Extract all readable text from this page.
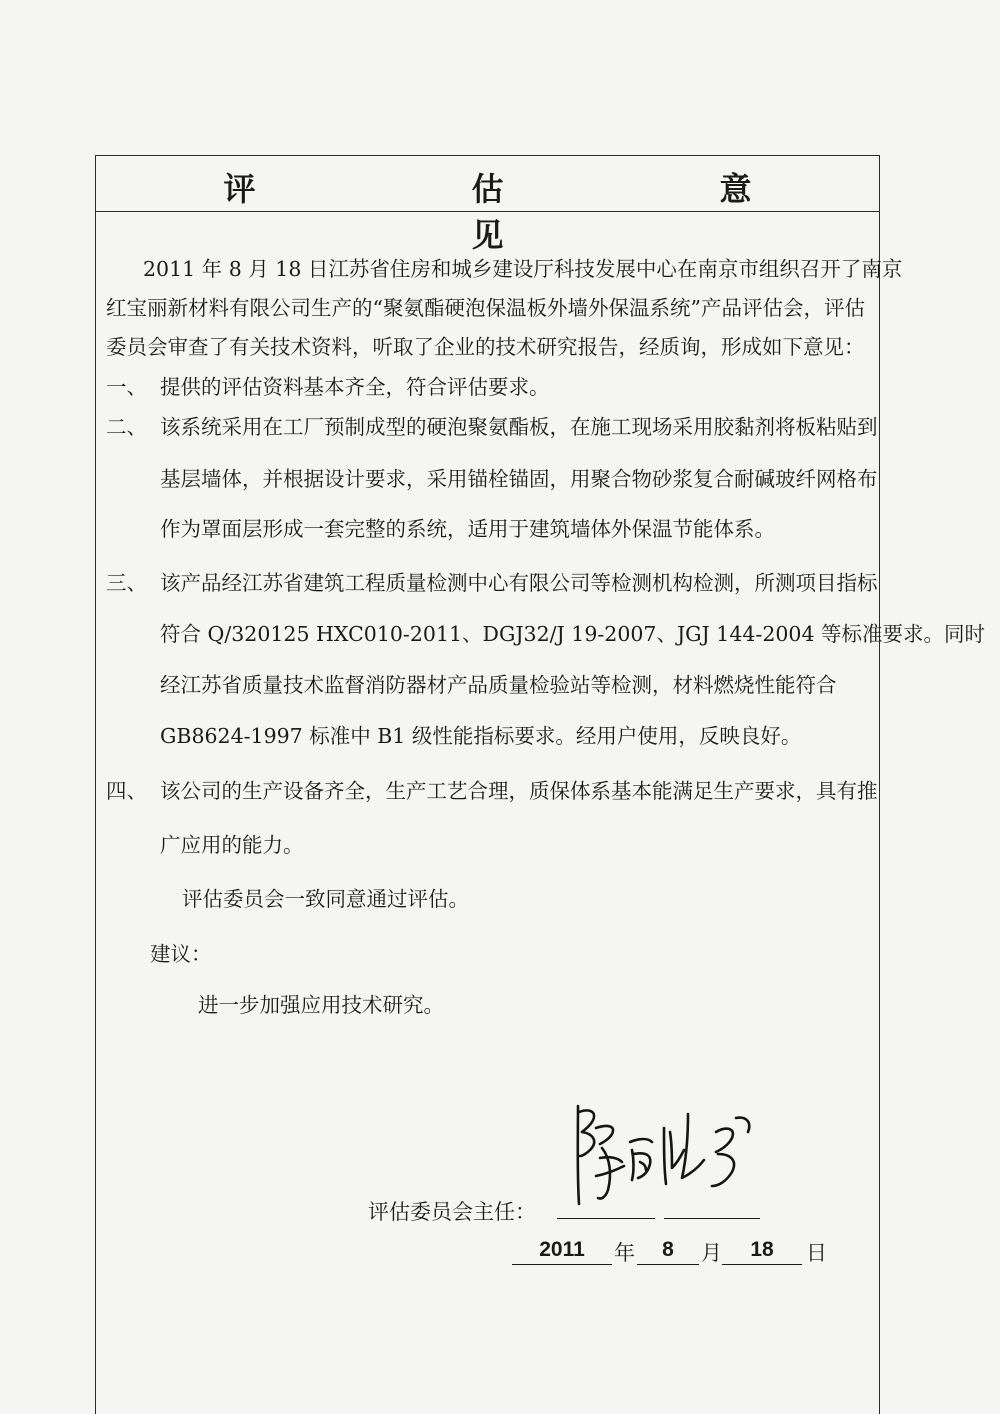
评　估　意　见
2011 年 8 月 18 日江苏省住房和城乡建设厅科技发展中心在南京市组织召开了南京
红宝丽新材料有限公司生产的“聚氨酯硬泡保温板外墙外保温系统”产品评估会，评估
委员会审查了有关技术资料，听取了企业的技术研究报告，经质询，形成如下意见：
一、 提供的评估资料基本齐全，符合评估要求。
二、 该系统采用在工厂预制成型的硬泡聚氨酯板，在施工现场采用胶黏剂将板粘贴到
基层墙体，并根据设计要求，采用锚栓锚固，用聚合物砂浆复合耐碱玻纤网格布
作为罩面层形成一套完整的系统，适用于建筑墙体外保温节能体系。
三、 该产品经江苏省建筑工程质量检测中心有限公司等检测机构检测，所测项目指标
符合 Q/320125 HXC010-2011、DGJ32/J 19-2007、JGJ 144-2004 等标准要求。同时
经江苏省质量技术监督消防器材产品质量检验站等检测，材料燃烧性能符合
GB8624-1997 标准中 B1 级性能指标要求。经用户使用，反映良好。
四、 该公司的生产设备齐全，生产工艺合理，质保体系基本能满足生产要求，具有推
广应用的能力。
评估委员会一致同意通过评估。
建议：
进一步加强应用技术研究。
评估委员会主任：
2011	年	8	月	18	日
